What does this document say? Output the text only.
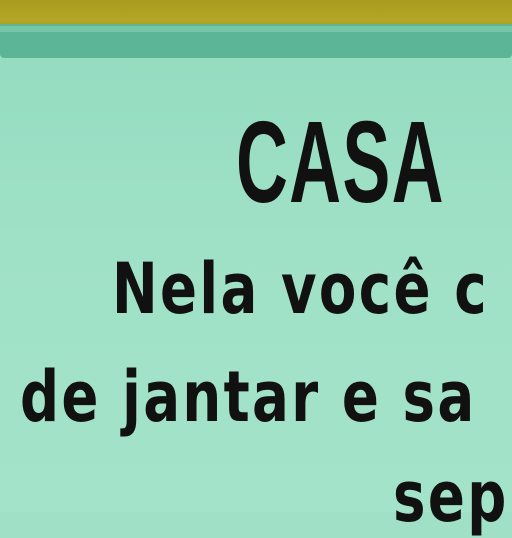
CASA
Nela você c
de jantar e sa
sep
